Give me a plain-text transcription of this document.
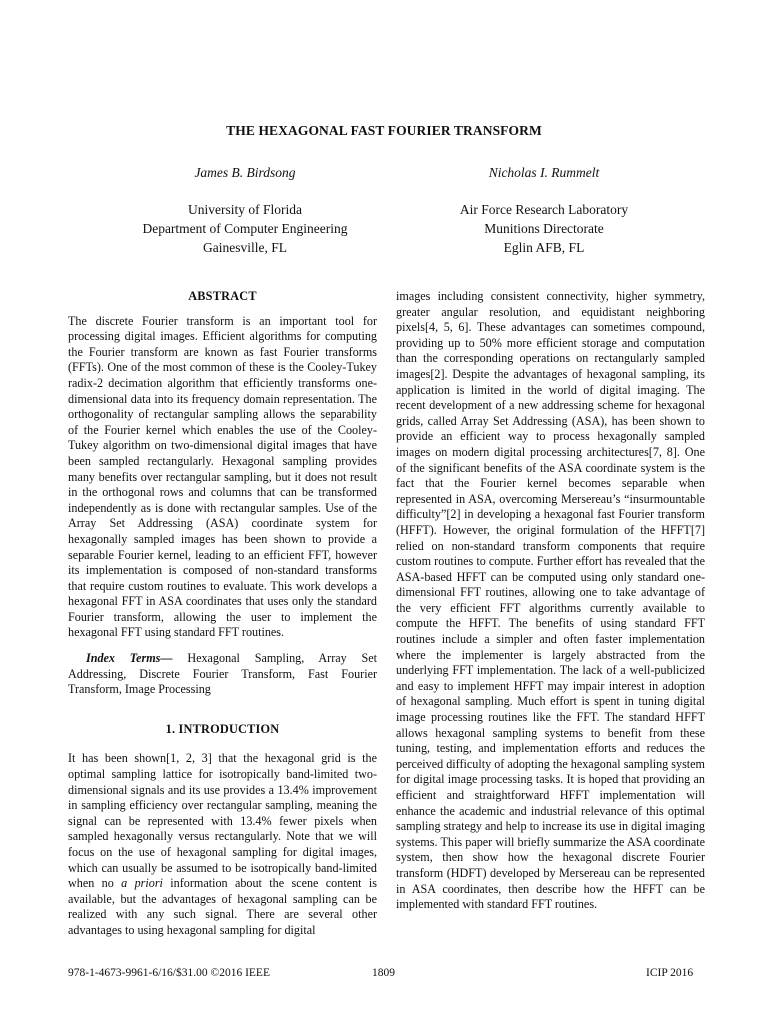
THE HEXAGONAL FAST FOURIER TRANSFORM
James B. Birdsong
University of Florida
Department of Computer Engineering
Gainesville, FL
Nicholas I. Rummelt
Air Force Research Laboratory
Munitions Directorate
Eglin AFB, FL
ABSTRACT

The discrete Fourier transform is an important tool for processing digital images. Efficient algorithms for computing the Fourier transform are known as fast Fourier transforms (FFTs). One of the most common of these is the Cooley-Tukey radix-2 decimation algorithm that efficiently transforms one-dimensional data into its frequency domain representation. The orthogonality of rectangular sampling allows the separability of the Fourier kernel which enables the use of the Cooley-Tukey algorithm on two-dimensional digital images that have been sampled rectangularly. Hexagonal sampling provides many benefits over rectangular sampling, but it does not result in the orthogonal rows and columns that can be transformed independently as is done with rectangular samples. Use of the Array Set Addressing (ASA) coordinate system for hexagonally sampled images has been shown to provide a separable Fourier kernel, leading to an efficient FFT, however its implementation is composed of non-standard transforms that require custom routines to evaluate. This work develops a hexagonal FFT in ASA coordinates that uses only the standard Fourier transform, allowing the user to implement the hexagonal FFT using standard FFT routines.

Index Terms— Hexagonal Sampling, Array Set Addressing, Discrete Fourier Transform, Fast Fourier Transform, Image Processing

1. INTRODUCTION

It has been shown[1, 2, 3] that the hexagonal grid is the optimal sampling lattice for isotropically band-limited two-dimensional signals and its use provides a 13.4% improvement in sampling efficiency over rectangular sampling, meaning the signal can be represented with 13.4% fewer pixels when sampled hexagonally versus rectangularly. Note that we will focus on the use of hexagonal sampling for digital images, which can usually be assumed to be isotropically band-limited when no a priori information about the scene content is available, but the advantages of hexagonal sampling can be realized with any such signal. There are several other advantages to using hexagonal sampling for digital

images including consistent connectivity, higher symmetry, greater angular resolution, and equidistant neighboring pixels[4, 5, 6]. These advantages can sometimes compound, providing up to 50% more efficient storage and computation than the corresponding operations on rectangularly sampled images[2]. Despite the advantages of hexagonal sampling, its application is limited in the world of digital imaging. The recent development of a new addressing scheme for hexagonal grids, called Array Set Addressing (ASA), has been shown to provide an efficient way to process hexagonally sampled images on modern digital processing architectures[7, 8]. One of the significant benefits of the ASA coordinate system is the fact that the Fourier kernel becomes separable when represented in ASA, overcoming Mersereau’s “insurmountable difficulty”[2] in developing a hexagonal fast Fourier transform (HFFT). However, the original formulation of the HFFT[7] relied on non-standard transform components that require custom routines to compute. Further effort has revealed that the ASA-based HFFT can be computed using only standard one-dimensional FFT routines, allowing one to take advantage of the very efficient FFT algorithms currently available to compute the HFFT. The benefits of using standard FFT routines include a simpler and often faster implementation where the implementer is largely abstracted from the underlying FFT implementation. The lack of a well-publicized and easy to implement HFFT may impair interest in adoption of hexagonal sampling. Much effort is spent in tuning digital image processing routines like the FFT. The standard HFFT allows hexagonal sampling systems to benefit from these tuning, testing, and implementation efforts and reduces the perceived difficulty of adopting the hexagonal sampling system for digital image processing tasks. It is hoped that providing an efficient and straightforward HFFT implementation will enhance the academic and industrial relevance of this optimal sampling strategy and help to increase its use in digital imaging systems. This paper will briefly summarize the ASA coordinate system, then show how the hexagonal discrete Fourier transform (HDFT) developed by Mersereau can be represented in ASA coordinates, then describe how the HFFT can be implemented with standard FFT routines.

978-1-4673-9961-6/16/$31.00 ©2016 IEEE	1809	ICIP 2016
